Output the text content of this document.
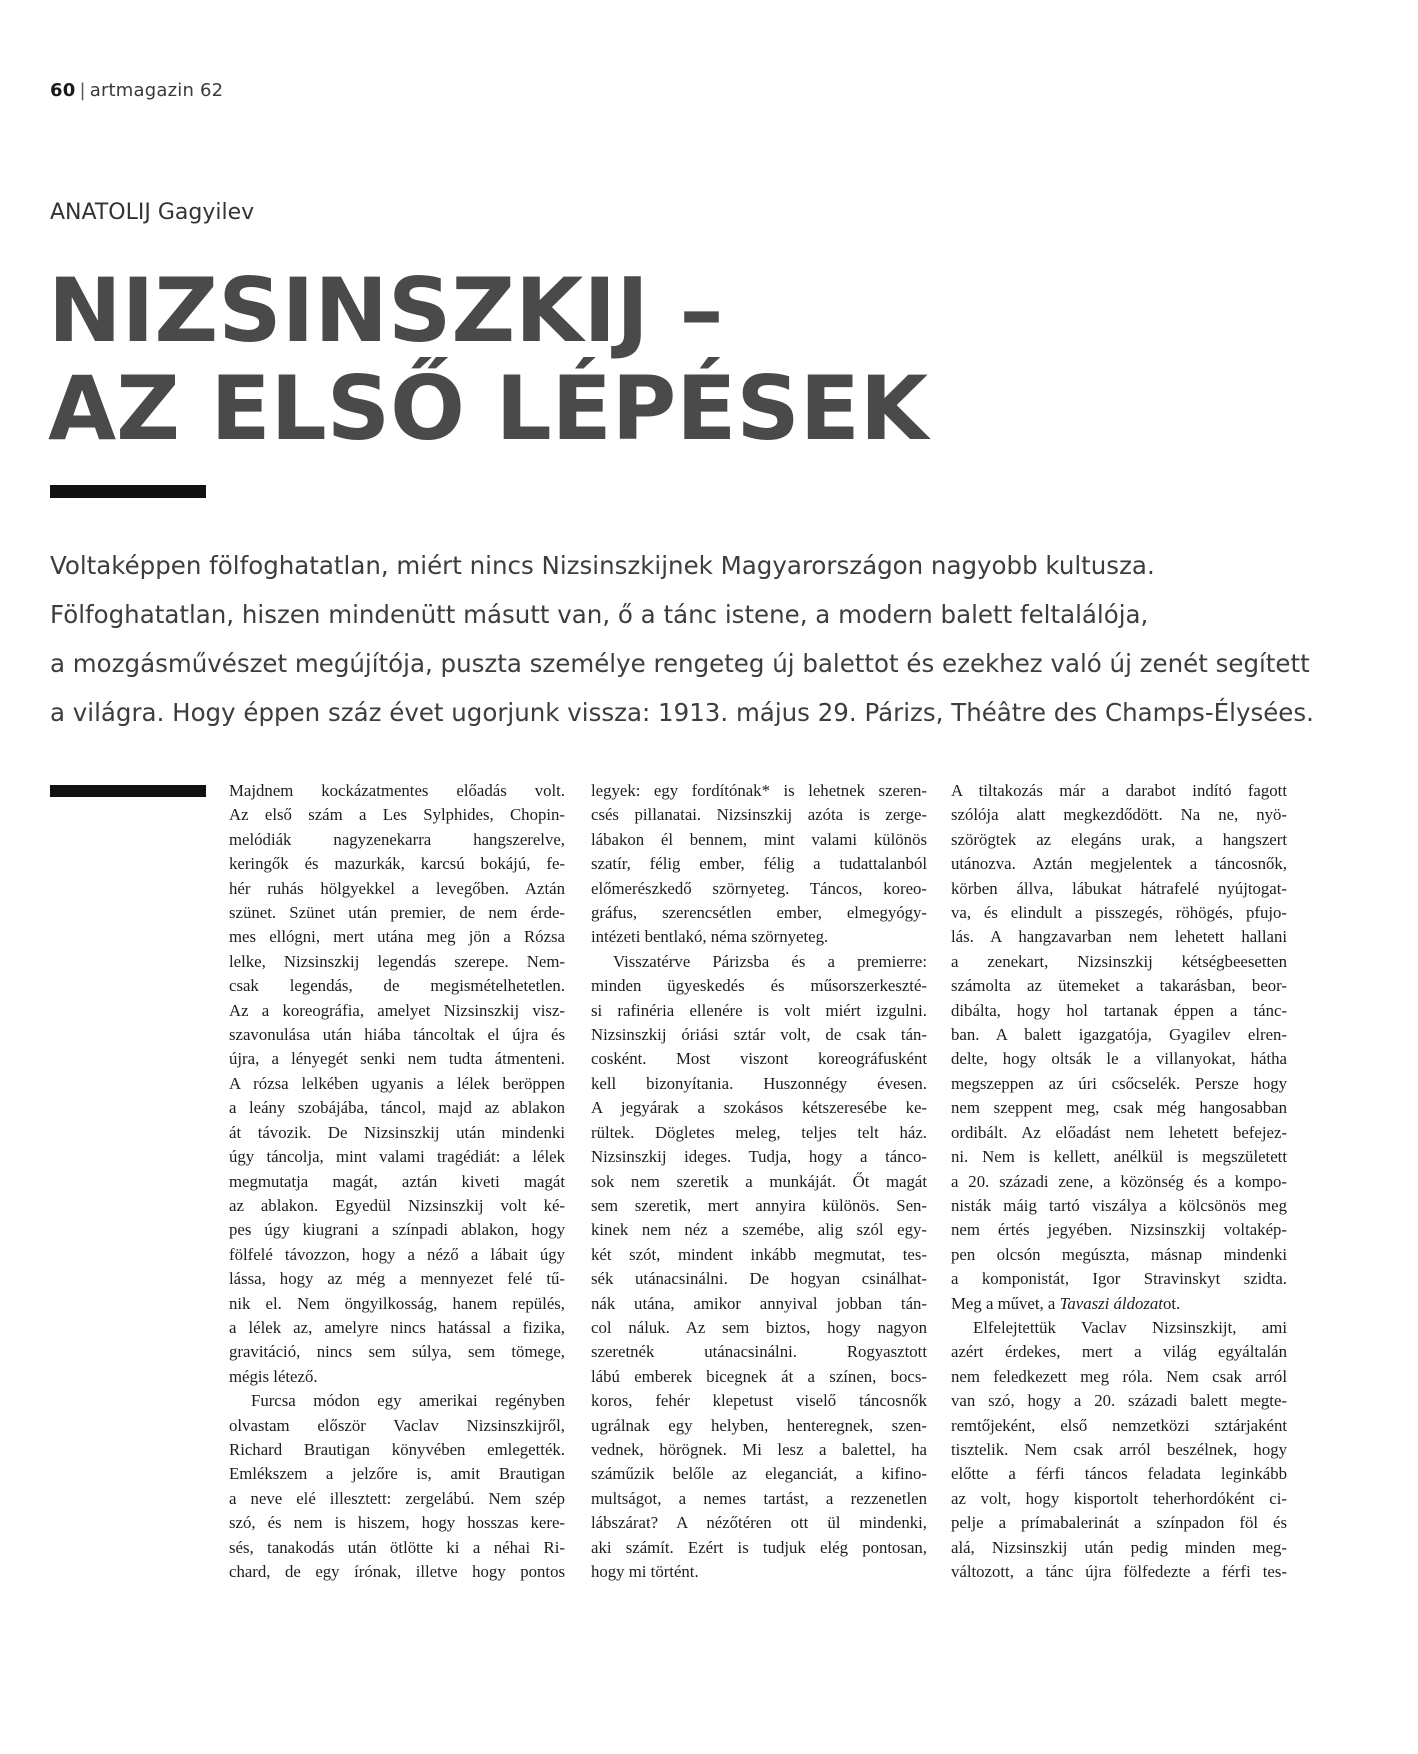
60 | artmagazin 62
ANATOLIJ Gagyilev
NIZSINSZKIJ –
AZ ELSŐ LÉPÉSEK

Voltaképpen fölfoghatatlan, miért nincs Nizsinszkijnek Magyarországon nagyobb kultusza.
Fölfoghatatlan, hiszen mindenütt másutt van, ő a tánc istene, a modern balett feltalálója,
a mozgásművészet megújítója, puszta személye rengeteg új balettot és ezekhez való új zenét segített
a világra. Hogy éppen száz évet ugorjunk vissza: 1913. május 29. Párizs, Théâtre des Champs-Élysées.

Majdnem kockázatmentes előadás volt.
Az első szám a Les Sylphides, Chopin-
melódiák nagyzenekarra hangszerelve,
keringők és mazurkák, karcsú bokájú, fe-
hér ruhás hölgyekkel a levegőben. Aztán
szünet. Szünet után premier, de nem érde-
mes ellógni, mert utána meg jön a Rózsa
lelke, Nizsinszkij legendás szerepe. Nem-
csak legendás, de megismételhetetlen.
Az a koreográfia, amelyet Nizsinszkij visz-
szavonulása után hiába táncoltak el újra és
újra, a lényegét senki nem tudta átmenteni.
A rózsa lelkében ugyanis a lélek beröppen
a leány szobájába, táncol, majd az ablakon
át távozik. De Nizsinszkij után mindenki
úgy táncolja, mint valami tragédiát: a lélek
megmutatja magát, aztán kiveti magát
az ablakon. Egyedül Nizsinszkij volt ké-
pes úgy kiugrani a színpadi ablakon, hogy
fölfelé távozzon, hogy a néző a lábait úgy
lássa, hogy az még a mennyezet felé tű-
nik el. Nem öngyilkosság, hanem repülés,
a lélek az, amelyre nincs hatással a fizika,
gravitáció, nincs sem súlya, sem tömege,
mégis létező.
Furcsa módon egy amerikai regényben
olvastam először Vaclav Nizsinszkijről,
Richard Brautigan könyvében emlegették.
Emlékszem a jelzőre is, amit Brautigan
a neve elé illesztett: zergelábú. Nem szép
szó, és nem is hiszem, hogy hosszas kere-
sés, tanakodás után ötlötte ki a néhai Ri-
chard, de egy írónak, illetve hogy pontos
legyek: egy fordítónak* is lehetnek szeren-
csés pillanatai. Nizsinszkij azóta is zerge-
lábakon él bennem, mint valami különös
szatír, félig ember, félig a tudattalanból
előmerészkedő szörnyeteg. Táncos, koreo-
gráfus, szerencsétlen ember, elmegyógy-
intézeti bentlakó, néma szörnyeteg.
Visszatérve Párizsba és a premierre:
minden ügyeskedés és műsorszerkeszté-
si rafinéria ellenére is volt miért izgulni.
Nizsinszkij óriási sztár volt, de csak tán-
cosként. Most viszont koreográfusként
kell bizonyítania. Huszonnégy évesen.
A jegyárak a szokásos kétszeresébe ke-
rültek. Dögletes meleg, teljes telt ház.
Nizsinszkij ideges. Tudja, hogy a tánco-
sok nem szeretik a munkáját. Őt magát
sem szeretik, mert annyira különös. Sen-
kinek nem néz a szemébe, alig szól egy-
két szót, mindent inkább megmutat, tes-
sék utánacsinálni. De hogyan csinálhat-
nák utána, amikor annyival jobban tán-
col náluk. Az sem biztos, hogy nagyon
szeretnék utánacsinálni. Rogyasztott
lábú emberek bicegnek át a színen, bocs-
koros, fehér klepetust viselő táncosnők
ugrálnak egy helyben, henteregnek, szen-
vednek, hörögnek. Mi lesz a balettel, ha
száműzik belőle az eleganciát, a kifino-
multságot, a nemes tartást, a rezzenetlen
lábszárat? A nézőtéren ott ül mindenki,
aki számít. Ezért is tudjuk elég pontosan,
hogy mi történt.
A tiltakozás már a darabot indító fagott
szólója alatt megkezdődött. Na ne, nyö-
szörögtek az elegáns urak, a hangszert
utánozva. Aztán megjelentek a táncosnők,
körben állva, lábukat hátrafelé nyújtogat-
va, és elindult a pisszegés, röhögés, pfujo-
lás. A hangzavarban nem lehetett hallani
a zenekart, Nizsinszkij kétségbeesetten
számolta az ütemeket a takarásban, beor-
dibálta, hogy hol tartanak éppen a tánc-
ban. A balett igazgatója, Gyagilev elren-
delte, hogy oltsák le a villanyokat, hátha
megszeppen az úri csőcselék. Persze hogy
nem szeppent meg, csak még hangosabban
ordibált. Az előadást nem lehetett befejez-
ni. Nem is kellett, anélkül is megszületett
a 20. századi zene, a közönség és a kompo-
nisták máig tartó viszálya a kölcsönös meg
nem értés jegyében. Nizsinszkij voltakép-
pen olcsón megúszta, másnap mindenki
a komponistát, Igor Stravinskyt szidta.
Meg a művet, a Tavaszi áldozatot.
Elfelejtettük Vaclav Nizsinszkijt, ami
azért érdekes, mert a világ egyáltalán
nem feledkezett meg róla. Nem csak arról
van szó, hogy a 20. századi balett megte-
remtőjeként, első nemzetközi sztárjaként
tisztelik. Nem csak arról beszélnek, hogy
előtte a férfi táncos feladata leginkább
az volt, hogy kisportolt teherhordóként ci-
pelje a prímabalerinát a színpadon föl és
alá, Nizsinszkij után pedig minden meg-
változott, a tánc újra fölfedezte a férfi tes-
